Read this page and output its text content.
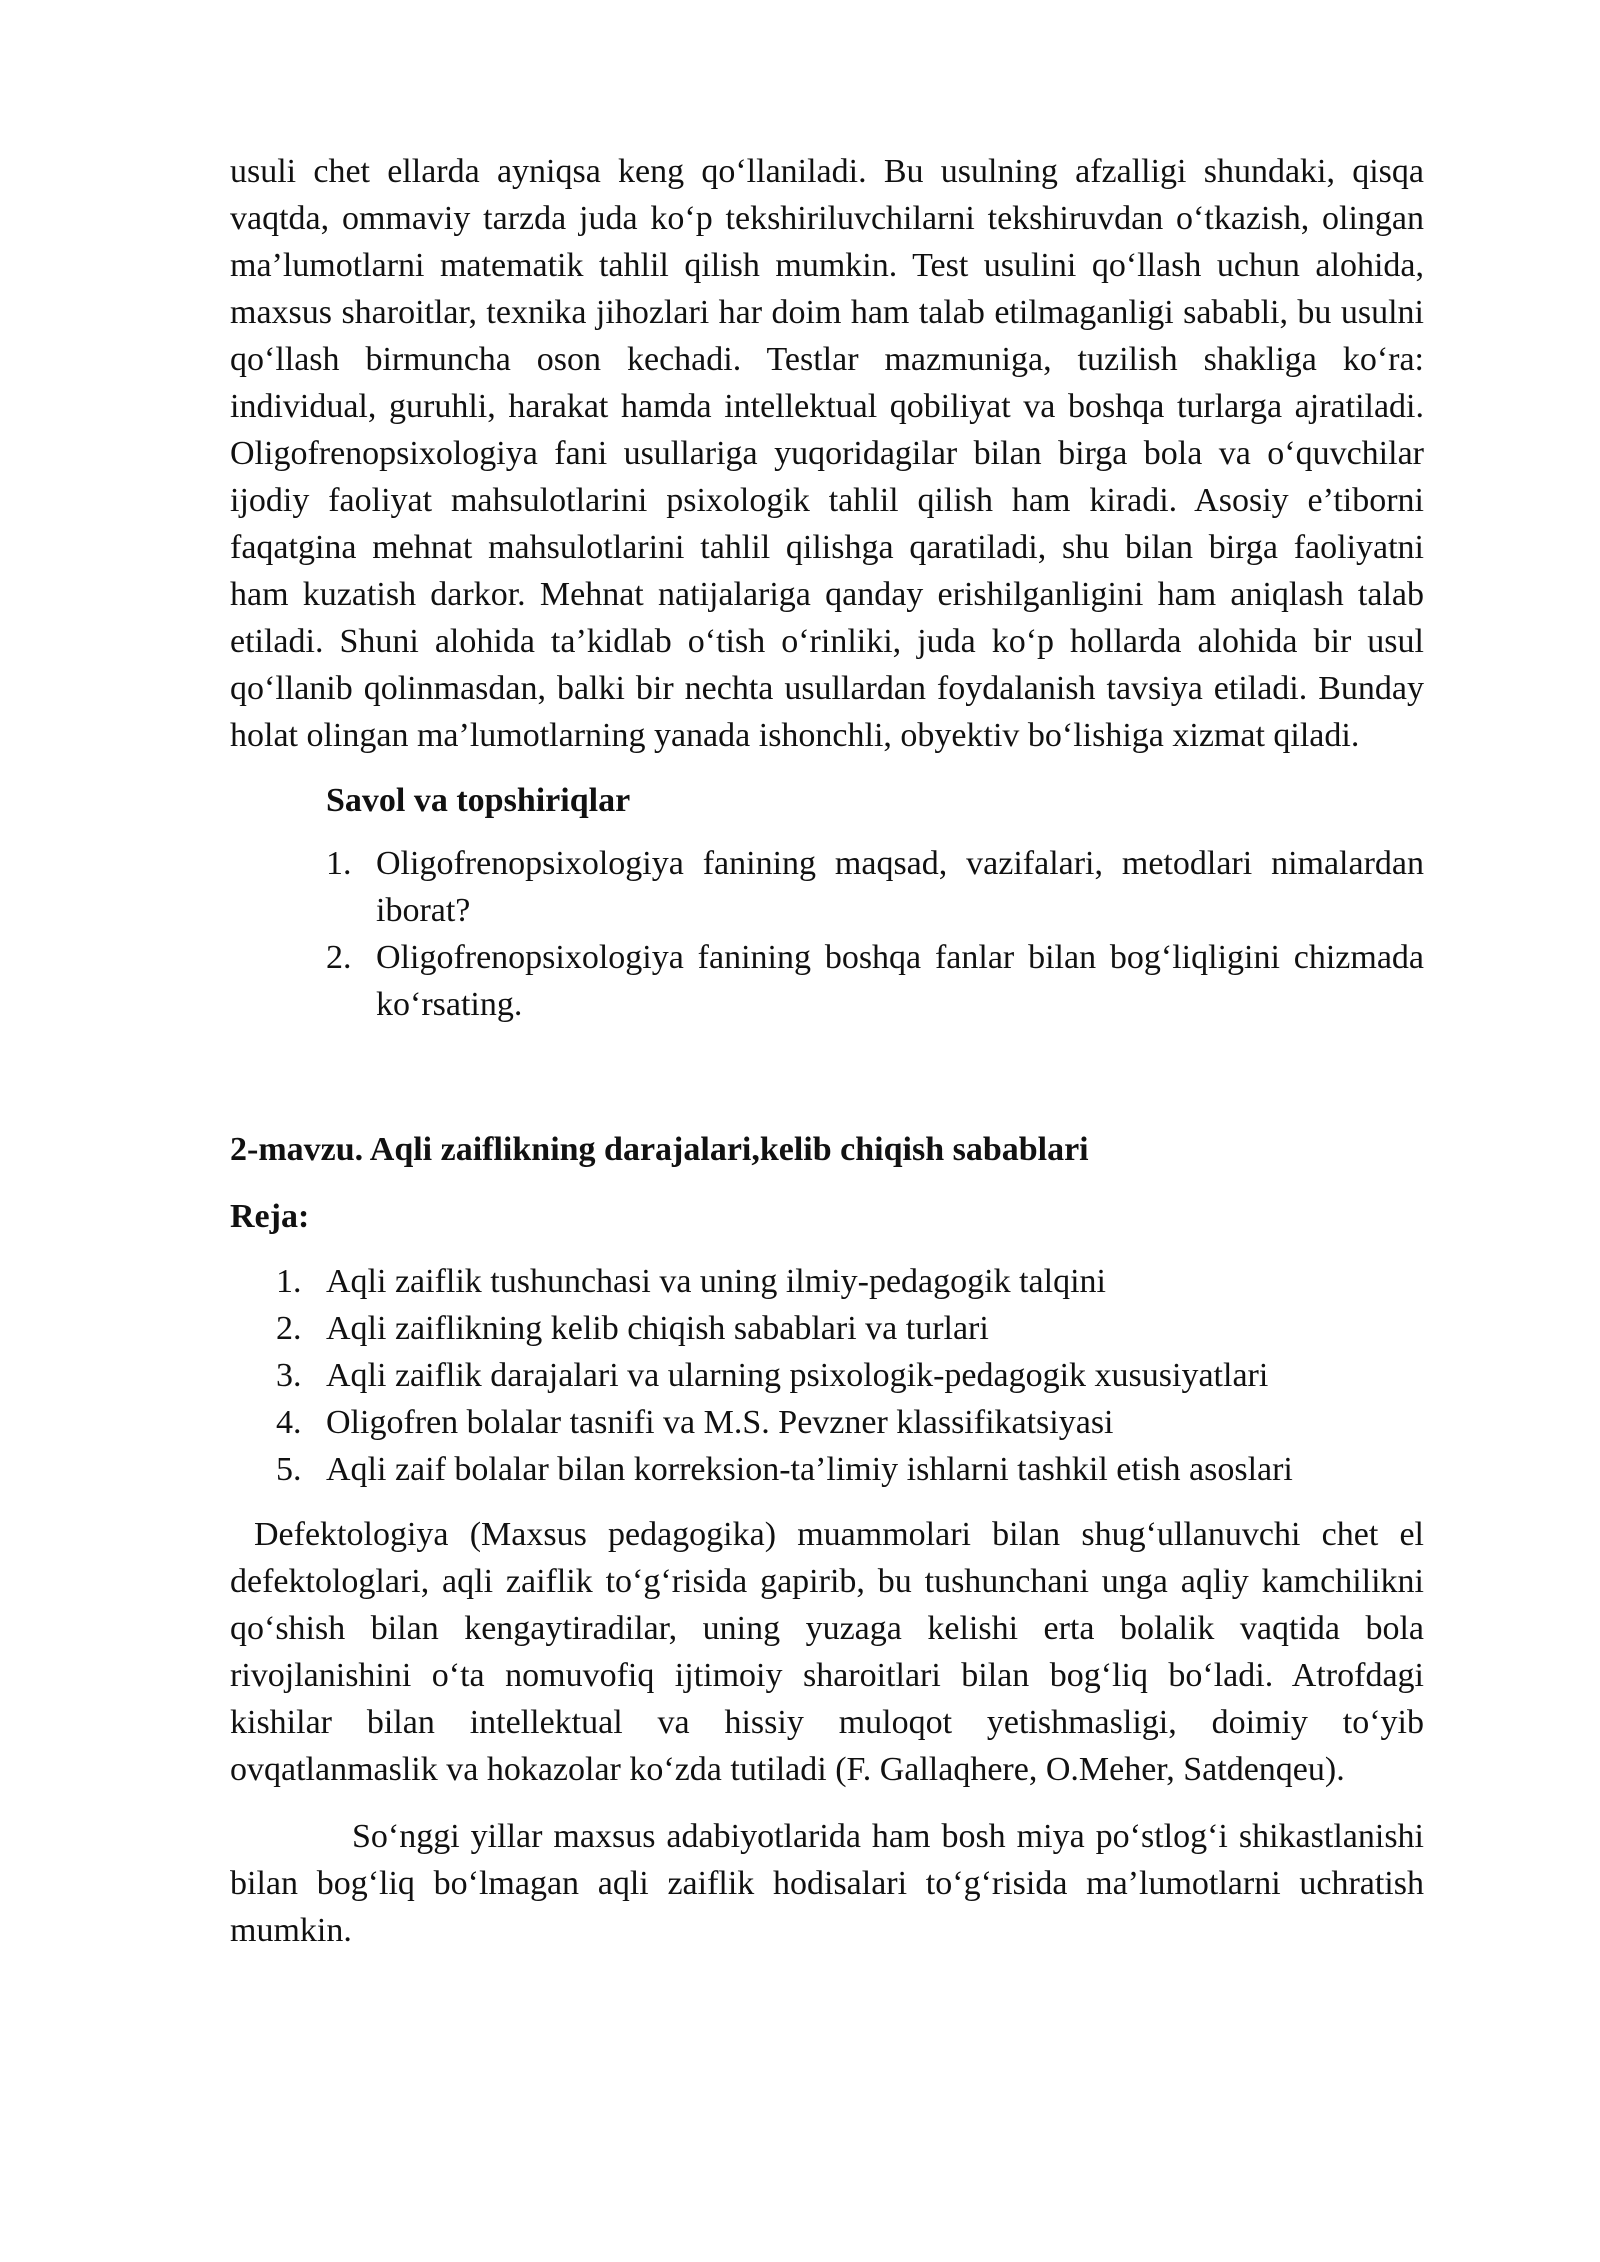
usuli chet ellarda ayniqsa keng qo‘llaniladi. Bu usulning afzalligi shundaki, qisqa vaqtda, ommaviy tarzda juda ko‘p tekshiriluvchilarni tekshiruvdan o‘tkazish, olingan ma’lumotlarni matematik tahlil qilish mumkin. Test usulini qo‘llash uchun alohida, maxsus sharoitlar, texnika jihozlari har doim ham talab etilmaganligi sababli, bu usulni qo‘llash birmuncha oson kechadi. Testlar mazmuniga, tuzilish shakliga ko‘ra: individual, guruhli, harakat hamda intellektual qobiliyat va boshqa turlarga ajratiladi. Oligofrenopsixologiya fani usullariga yuqoridagilar bilan birga bola va o‘quvchilar ijodiy faoliyat mahsulotlarini psixologik tahlil qilish ham kiradi. Asosiy e’tiborni faqatgina mehnat mahsulotlarini tahlil qilishga qaratiladi, shu bilan birga faoliyatni ham kuzatish darkor. Mehnat natijalariga qanday erishilganligini ham aniqlash talab etiladi. Shuni alohida ta’kidlab o‘tish o‘rinliki, juda ko‘p hollarda alohida bir usul qo‘llanib qolinmasdan, balki bir nechta usullardan foydalanish tavsiya etiladi. Bunday holat olingan ma’lumotlarning yanada ishonchli, obyektiv bo‘lishiga xizmat qiladi.

Savol va topshiriqlar

1. Oligofrenopsixologiya fanining maqsad, vazifalari, metodlari nimalardan iborat?
2. Oligofrenopsixologiya fanining boshqa fanlar bilan bog‘liqligini chizmada ko‘rsating.

2-mavzu. Aqli zaiflikning darajalari,kelib chiqish sabablari

Reja:

1. Aqli zaiflik tushunchasi va uning ilmiy-pedagogik talqini
2. Aqli zaiflikning kelib chiqish sabablari va turlari
3. Aqli zaiflik darajalari va ularning psixologik-pedagogik xususiyatlari
4. Oligofren bolalar tasnifi va M.S. Pevzner klassifikatsiyasi
5. Aqli zaif bolalar bilan korreksion-ta’limiy ishlarni tashkil etish asoslari

Defektologiya (Maxsus pedagogika) muammolari bilan shug‘ullanuvchi chet el defektologlari, aqli zaiflik to‘g‘risida gapirib, bu tushunchani unga aqliy kamchilikni qo‘shish bilan kengaytiradilar, uning yuzaga kelishi erta bolalik vaqtida bola rivojlanishini o‘ta nomuvofiq ijtimoiy sharoitlari bilan bog‘liq bo‘ladi. Atrofdagi kishilar bilan intellektual va hissiy muloqot yetishmasligi, doimiy to‘yib ovqatlanmaslik va hokazolar ko‘zda tutiladi (F. Gallaqhere, O.Meher, Satdenqeu).

So‘nggi yillar maxsus adabiyotlarida ham bosh miya po‘stlog‘i shikastlanishi bilan bog‘liq bo‘lmagan aqli zaiflik hodisalari to‘g‘risida ma’lumotlarni uchratish mumkin.
